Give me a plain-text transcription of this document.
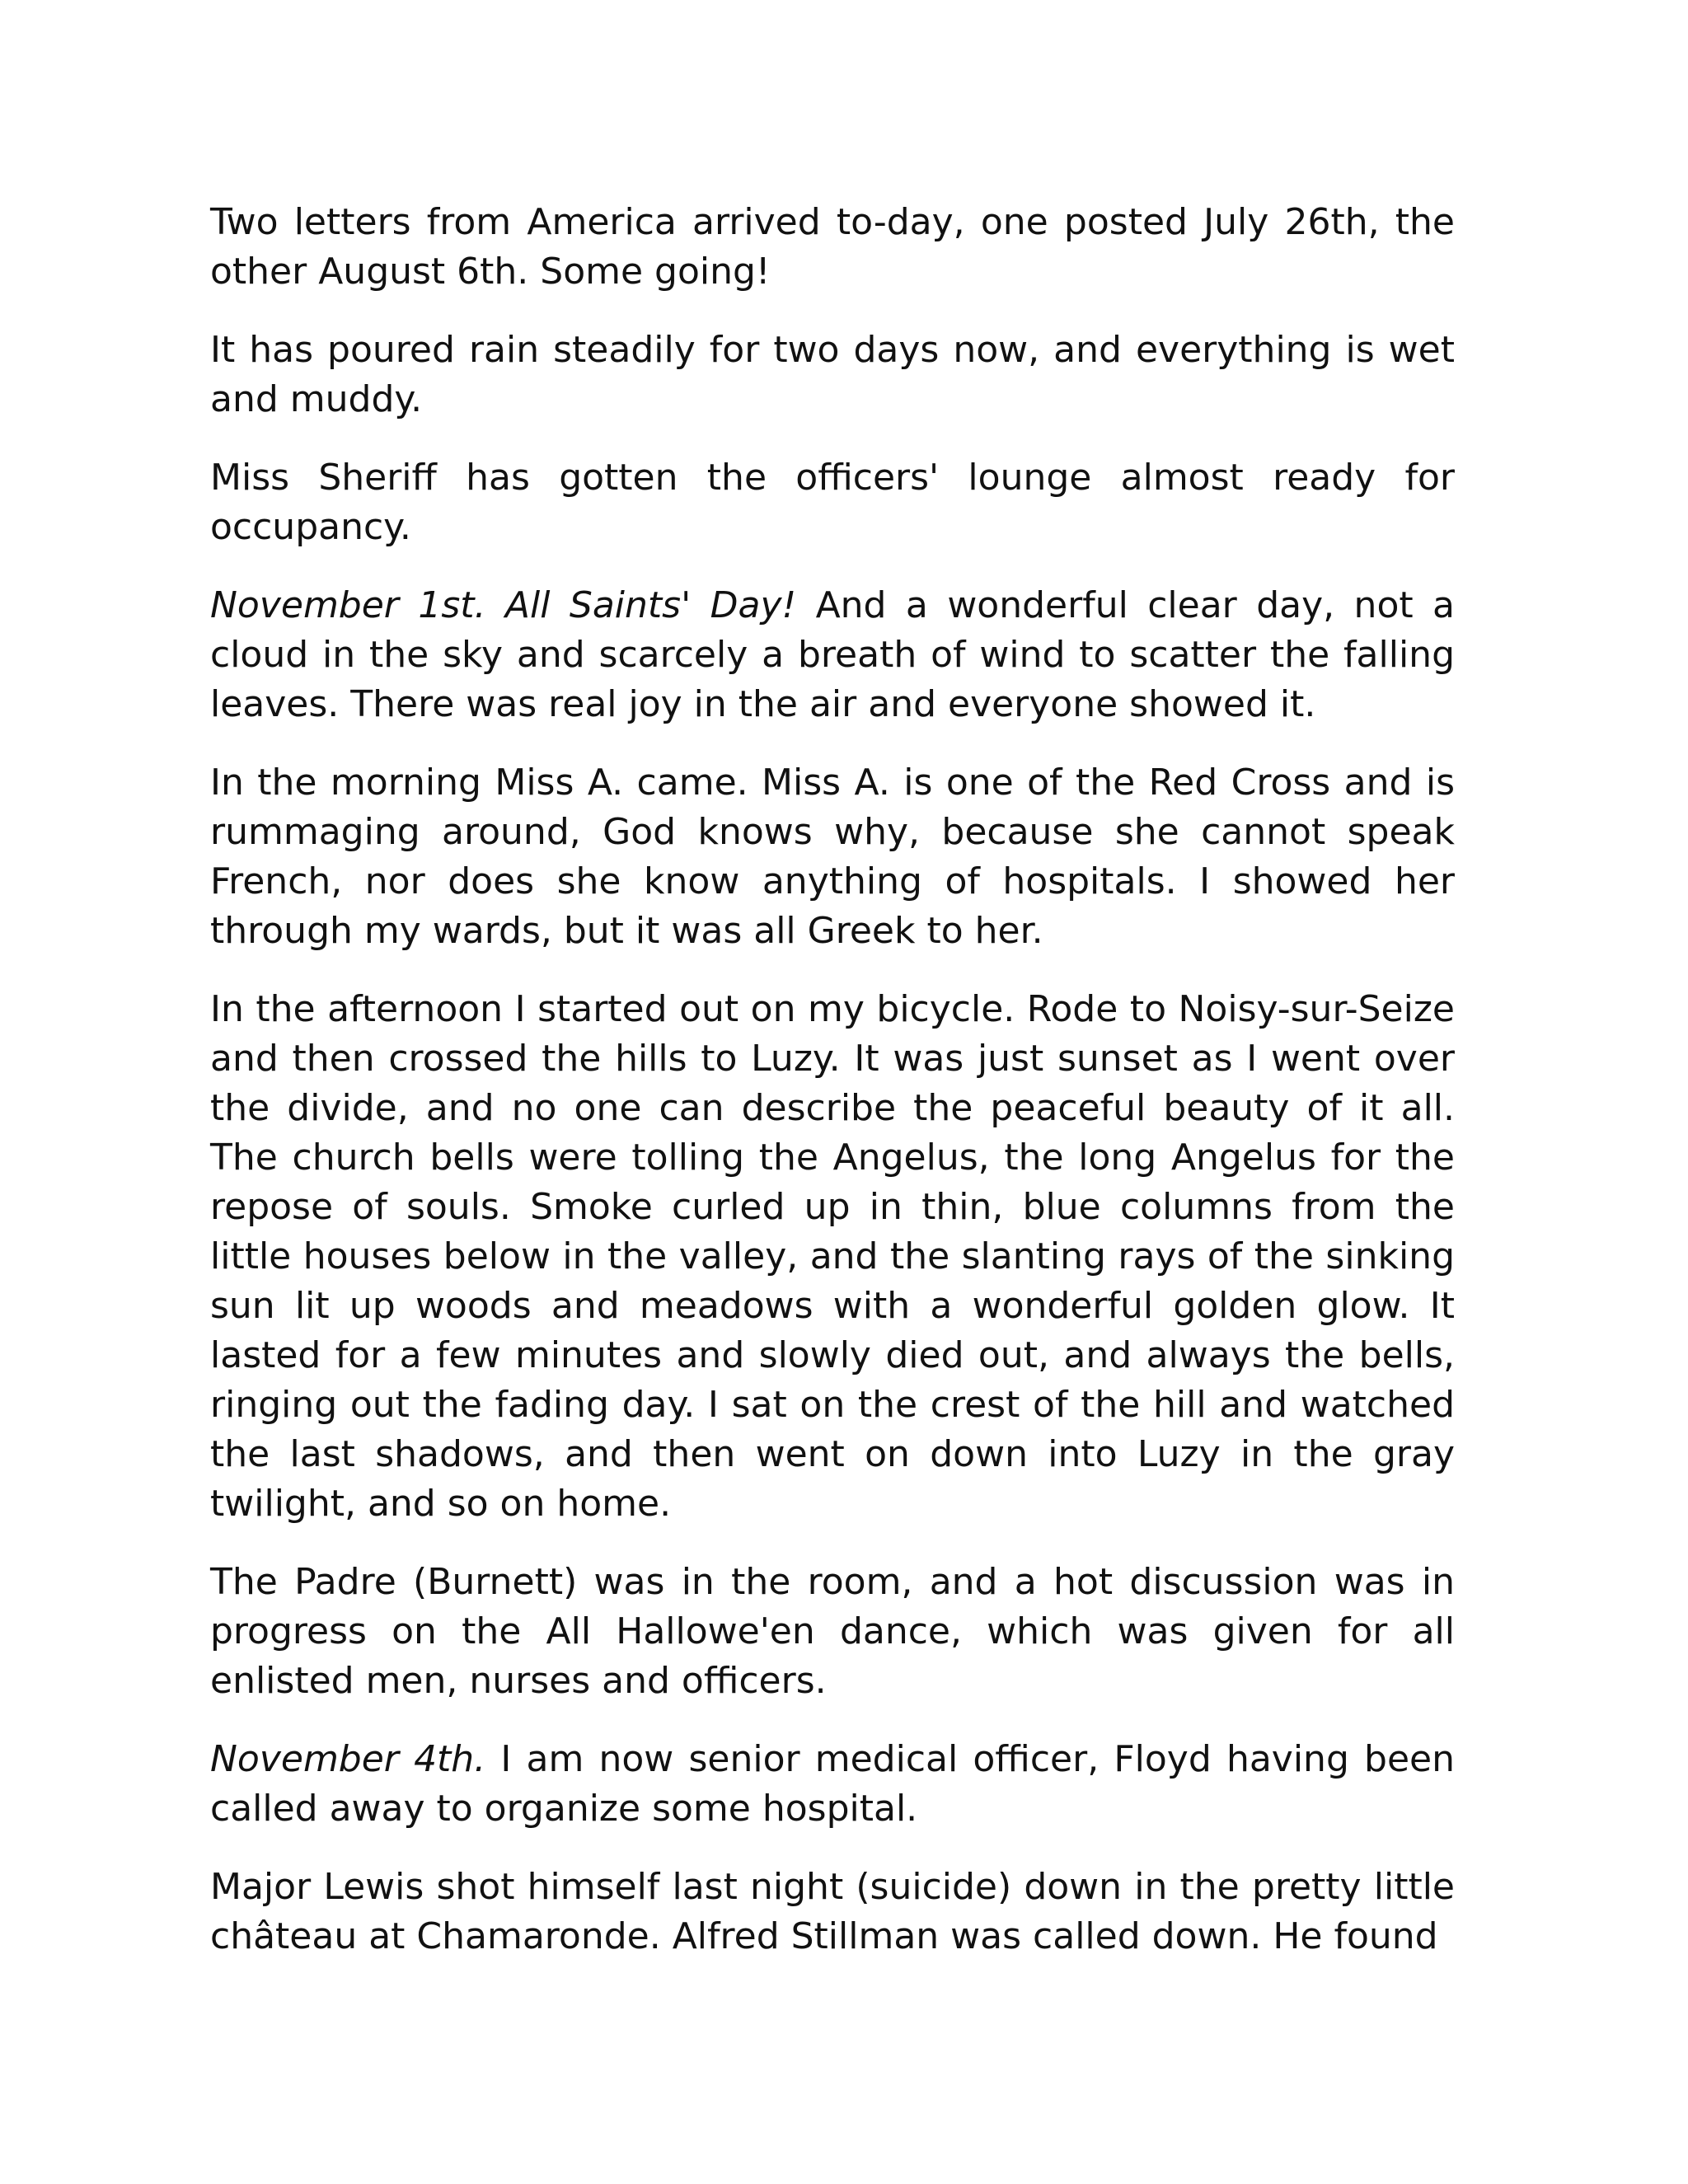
Two letters from America arrived to-day, one posted July 26th, the other August 6th. Some going!

It has poured rain steadily for two days now, and everything is wet and muddy.

Miss Sheriff has gotten the officers' lounge almost ready for occupancy.

November 1st. All Saints' Day! And a wonderful clear day, not a cloud in the sky and scarcely a breath of wind to scatter the falling leaves. There was real joy in the air and everyone showed it.

In the morning Miss A. came. Miss A. is one of the Red Cross and is rummaging around, God knows why, because she cannot speak French, nor does she know anything of hospitals. I showed her through my wards, but it was all Greek to her.

In the afternoon I started out on my bicycle. Rode to Noisy-sur-Seize and then crossed the hills to Luzy. It was just sunset as I went over the divide, and no one can describe the peaceful beauty of it all. The church bells were tolling the Angelus, the long Angelus for the repose of souls. Smoke curled up in thin, blue columns from the little houses below in the valley, and the slanting rays of the sinking sun lit up woods and meadows with a wonderful golden glow. It lasted for a few minutes and slowly died out, and always the bells, ringing out the fading day. I sat on the crest of the hill and watched the last shadows, and then went on down into Luzy in the gray twilight, and so on home.

The Padre (Burnett) was in the room, and a hot discussion was in progress on the All Hallowe'en dance, which was given for all enlisted men, nurses and officers.

November 4th. I am now senior medical officer, Floyd having been called away to organize some hospital.

Major Lewis shot himself last night (suicide) down in the pretty little château at Chamaronde. Alfred Stillman was called down. He found
